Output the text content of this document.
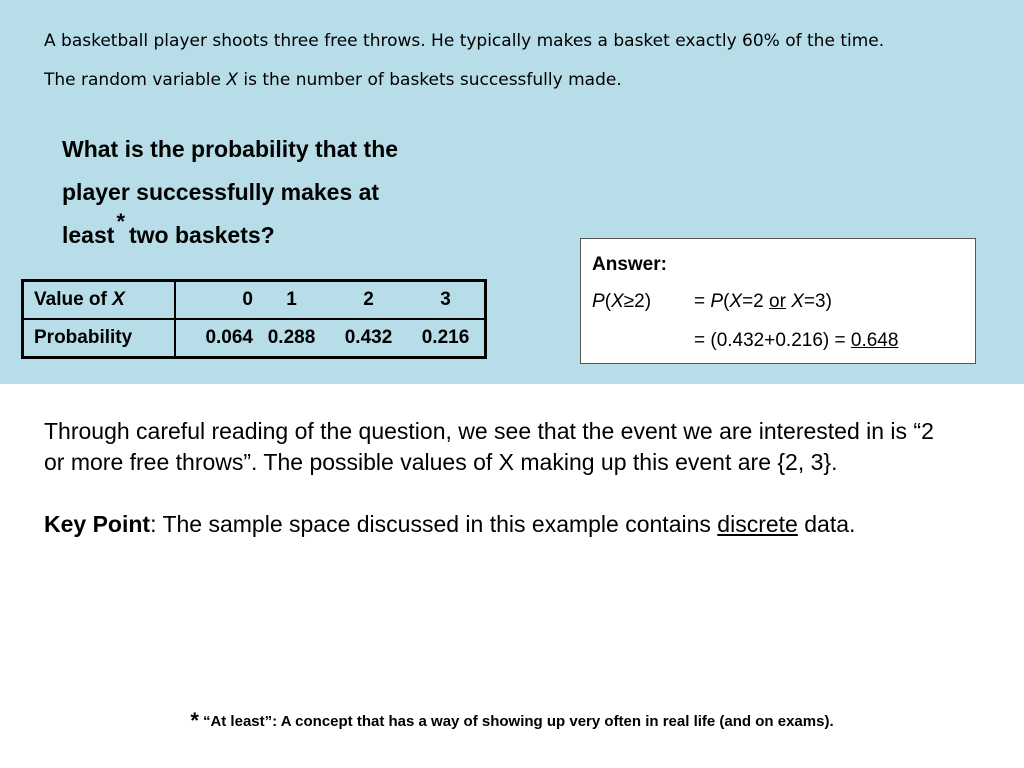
A basketball player shoots three free throws. He typically makes a basket exactly 60% of the time.

The random variable X is the number of baskets successfully made.

What is the probability that the

player successfully makes at

least*two baskets?

Value of X	0	1	2	3
Probability	0.064	0.288	0.432	0.216
Answer:
P(X≥2) = P(X=2 or X=3)
= (0.432+0.216) = 0.648

Through careful reading of the question, we see that the event we are interested in is “2 or more free throws”. The possible values of X making up this event are {2, 3}.

Key Point: The sample space discussed in this example contains discrete data.

* “At least”: A concept that has a way of showing up very often in real life (and on exams).
